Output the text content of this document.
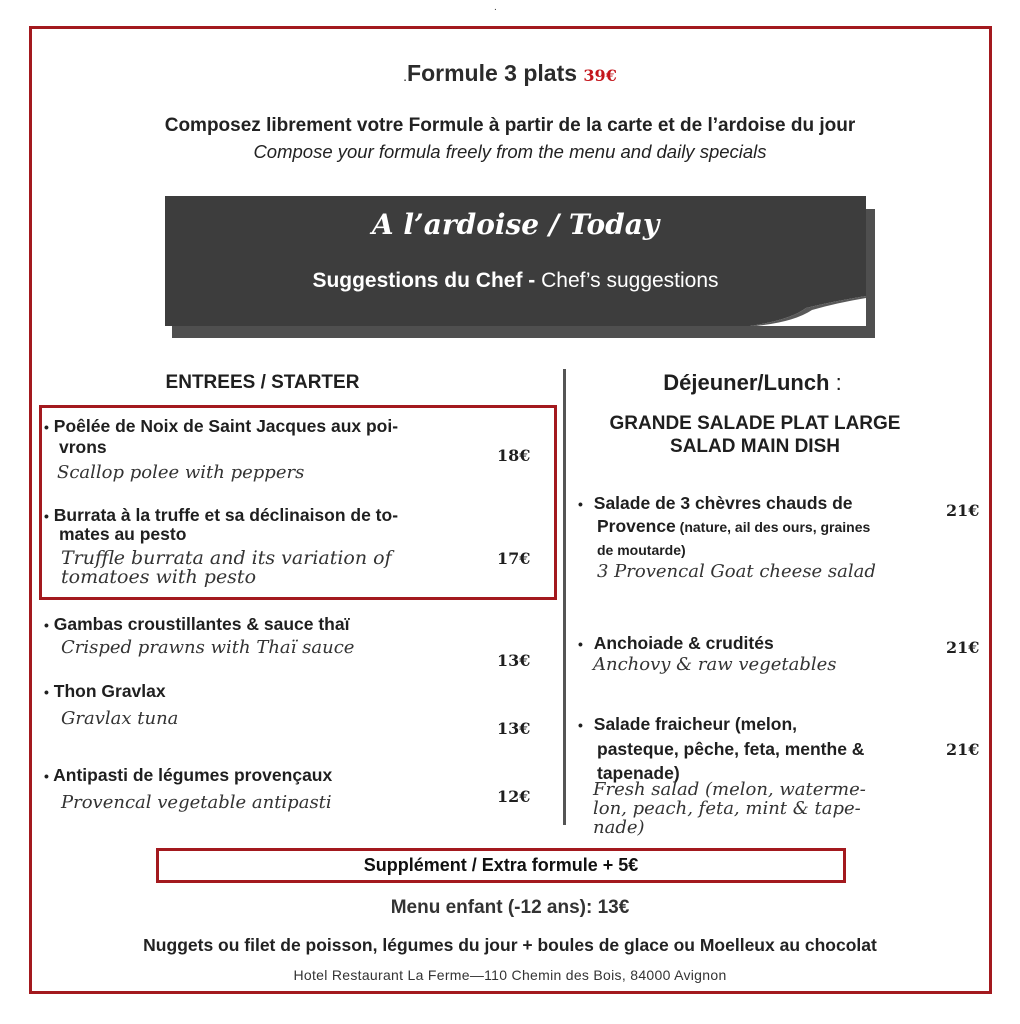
.
.Formule 3 plats 39€
Composez librement votre Formule à partir de la carte et de l’ardoise du jour
Compose your formula freely from the menu and daily specials
A l’ardoise / Today
Suggestions du Chef - Chef’s suggestions
ENTREES / STARTER
• Poêlée de Noix de Saint Jacques aux poi-
vrons
Scallop polee with peppers
18€
• Burrata à la truffe et sa déclinaison de to-
mates au pesto
Truffle burrata and its variation of
tomatoes with pesto
17€
• Gambas croustillantes & sauce thaï
Crisped prawns with Thaï sauce
13€
• Thon Gravlax
Gravlax tuna	13€
• Antipasti de légumes provençaux
Provencal vegetable antipasti	12€
Déjeuner/Lunch :
GRANDE SALADE PLAT LARGE
SALAD MAIN DISH
• Salade de 3 chèvres chauds de
Provence (nature, ail des ours, graines
de moutarde)
3 Provencal Goat cheese salad
21€
• Anchoiade & crudités
Anchovy & raw vegetables
21€
• Salade fraicheur (melon,
pasteque, pêche, feta, menthe &
tapenade)
Fresh salad (melon, waterme-
lon, peach, feta, mint & tape-
nade)
21€
Supplément / Extra formule + 5€
Menu enfant (-12 ans): 13€
Nuggets ou filet de poisson, légumes du jour + boules de glace ou Moelleux au chocolat
Hotel Restaurant La Ferme—110 Chemin des Bois, 84000 Avignon
